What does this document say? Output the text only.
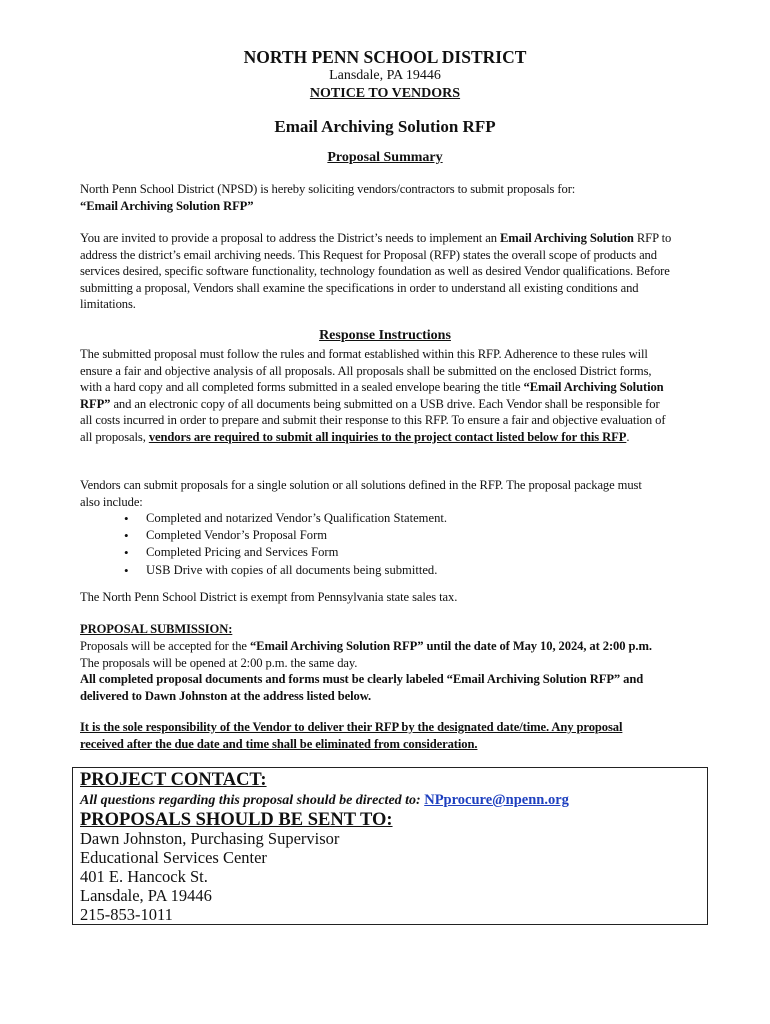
NORTH PENN SCHOOL DISTRICT
Lansdale, PA 19446
NOTICE TO VENDORS
Email Archiving Solution RFP
Proposal Summary
North Penn School District (NPSD) is hereby soliciting vendors/contractors to submit proposals for:
“Email Archiving Solution RFP”
You are invited to provide a proposal to address the District’s needs to implement an Email Archiving Solution RFP to address the district’s email archiving needs. This Request for Proposal (RFP) states the overall scope of products and services desired, specific software functionality, technology foundation as well as desired Vendor qualifications. Before submitting a proposal, Vendors shall examine the specifications in order to understand all existing conditions and limitations.
Response Instructions
The submitted proposal must follow the rules and format established within this RFP. Adherence to these rules will ensure a fair and objective analysis of all proposals. All proposals shall be submitted on the enclosed District forms, with a hard copy and all completed forms submitted in a sealed envelope bearing the title “Email Archiving Solution RFP” and an electronic copy of all documents being submitted on a USB drive. Each Vendor shall be responsible for all costs incurred in order to prepare and submit their response to this RFP. To ensure a fair and objective evaluation of all proposals, vendors are required to submit all inquiries to the project contact listed below for this RFP.
Vendors can submit proposals for a single solution or all solutions defined in the RFP. The proposal package must also include:
• Completed and notarized Vendor’s Qualification Statement.
• Completed Vendor’s Proposal Form
• Completed Pricing and Services Form
• USB Drive with copies of all documents being submitted.
The North Penn School District is exempt from Pennsylvania state sales tax.
PROPOSAL SUBMISSION:
Proposals will be accepted for the “Email Archiving Solution RFP” until the date of May 10, 2024, at 2:00 p.m. The proposals will be opened at 2:00 p.m. the same day.
All completed proposal documents and forms must be clearly labeled “Email Archiving Solution RFP” and delivered to Dawn Johnston at the address listed below.
It is the sole responsibility of the Vendor to deliver their RFP by the designated date/time. Any proposal received after the due date and time shall be eliminated from consideration.
PROJECT CONTACT:
All questions regarding this proposal should be directed to: NPprocure@npenn.org
PROPOSALS SHOULD BE SENT TO:
Dawn Johnston, Purchasing Supervisor
Educational Services Center
401 E. Hancock St.
Lansdale, PA 19446
215-853-1011
